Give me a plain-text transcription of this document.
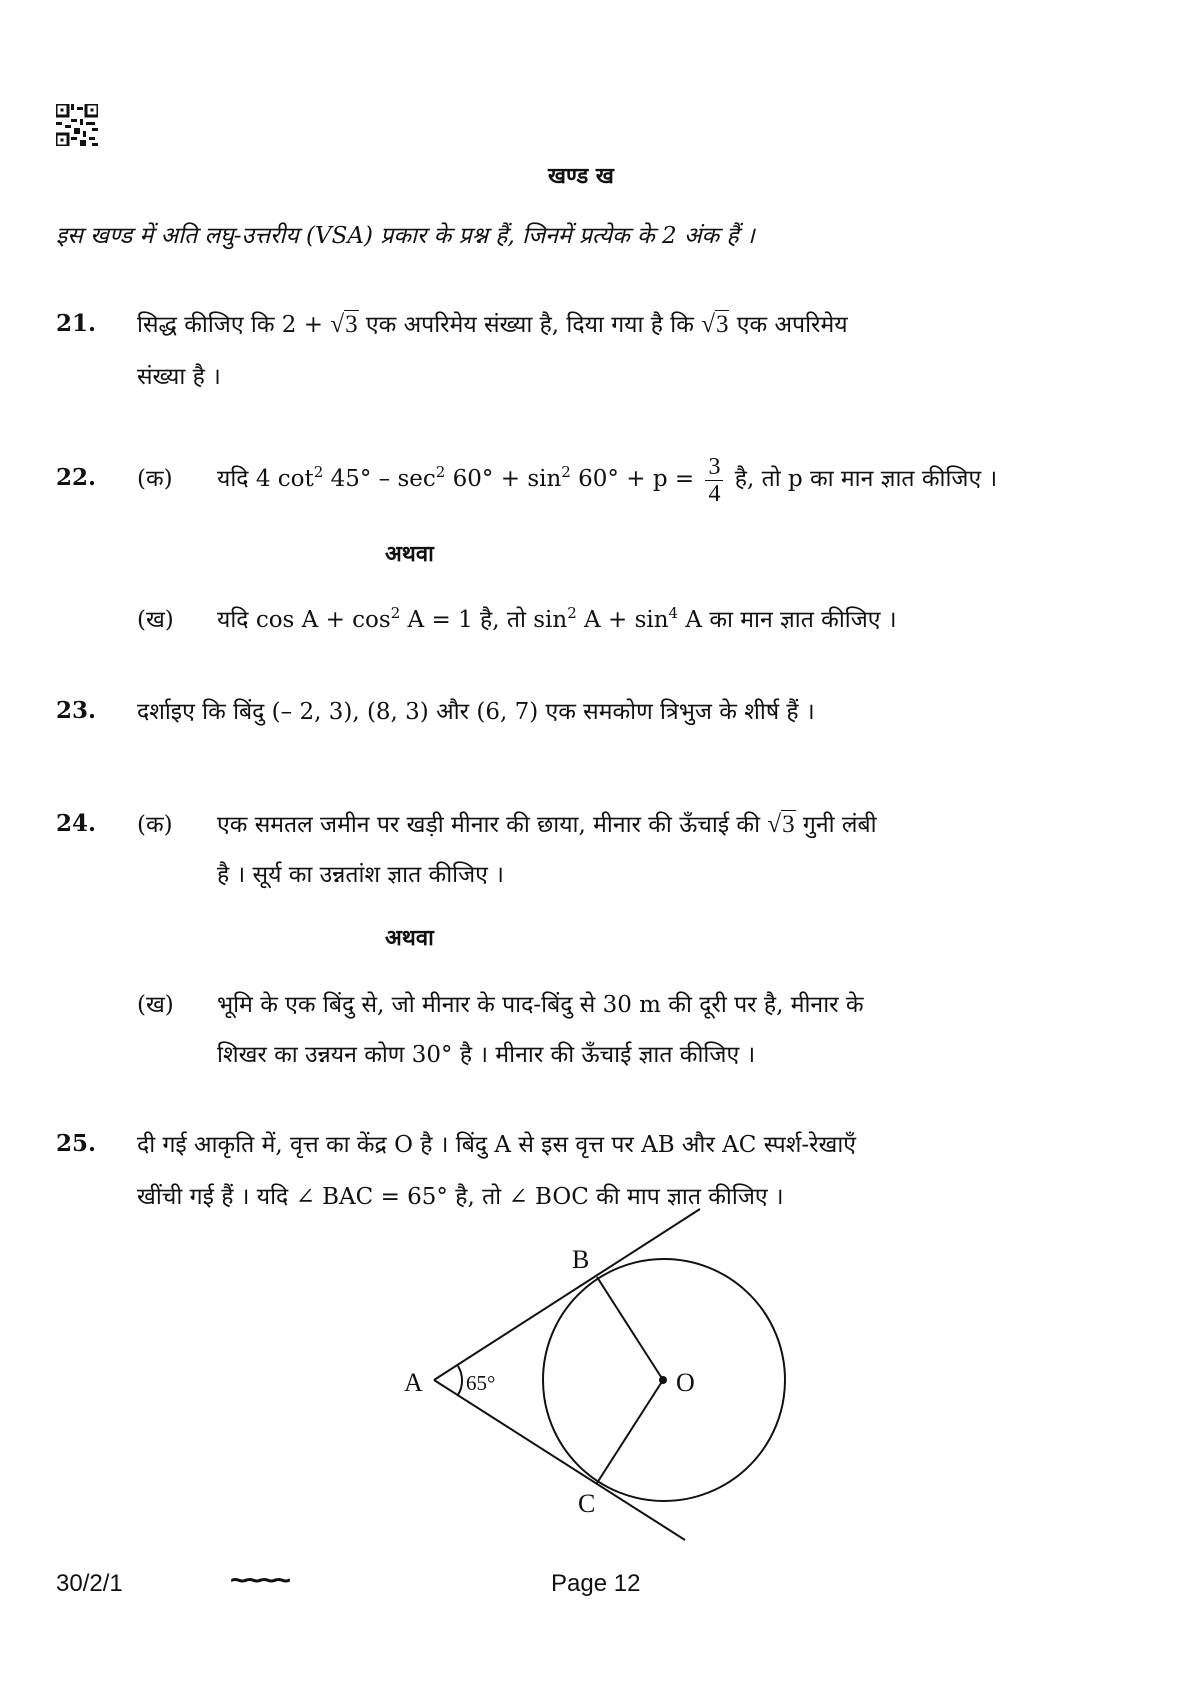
खण्ड ख
इस खण्ड में अति लघु-उत्तरीय (VSA) प्रकार के प्रश्न हैं, जिनमें प्रत्येक के 2 अंक हैं ।
21. सिद्ध कीजिए कि 2 + √3 एक अपरिमेय संख्या है, दिया गया है कि √3 एक अपरिमेय
संख्या है ।
22. (क) यदि 4 $\cot^2 45^\circ - \sec^2 60^\circ + \sin^2 60^\circ + p = \frac{3}{4}$ है, तो p का मान ज्ञात कीजिए ।
अथवा
(ख) यदि $\cos A + \cos^2 A = 1$ है, तो $\sin^2 A + \sin^4 A$ का मान ज्ञात कीजिए ।
23. दर्शाइए कि बिंदु (– 2, 3), (8, 3) और (6, 7) एक समकोण त्रिभुज के शीर्ष हैं ।
24. (क) एक समतल जमीन पर खड़ी मीनार की छाया, मीनार की ऊँचाई की √3 गुनी लंबी
है । सूर्य का उन्नतांश ज्ञात कीजिए ।
अथवा
(ख) भूमि के एक बिंदु से, जो मीनार के पाद-बिंदु से 30 m की दूरी पर है, मीनार के
शिखर का उन्नयन कोण 30° है । मीनार की ऊँचाई ज्ञात कीजिए ।
25. दी गई आकृति में, वृत्त का केंद्र O है । बिंदु A से इस वृत्त पर AB और AC स्पर्श-रेखाएँ
खींची गई हैं । यदि ∠ BAC = 65° है, तो ∠ BOC की माप ज्ञात कीजिए ।
A
B
C
O
65°
30/2/1	~~~~	Page 12
